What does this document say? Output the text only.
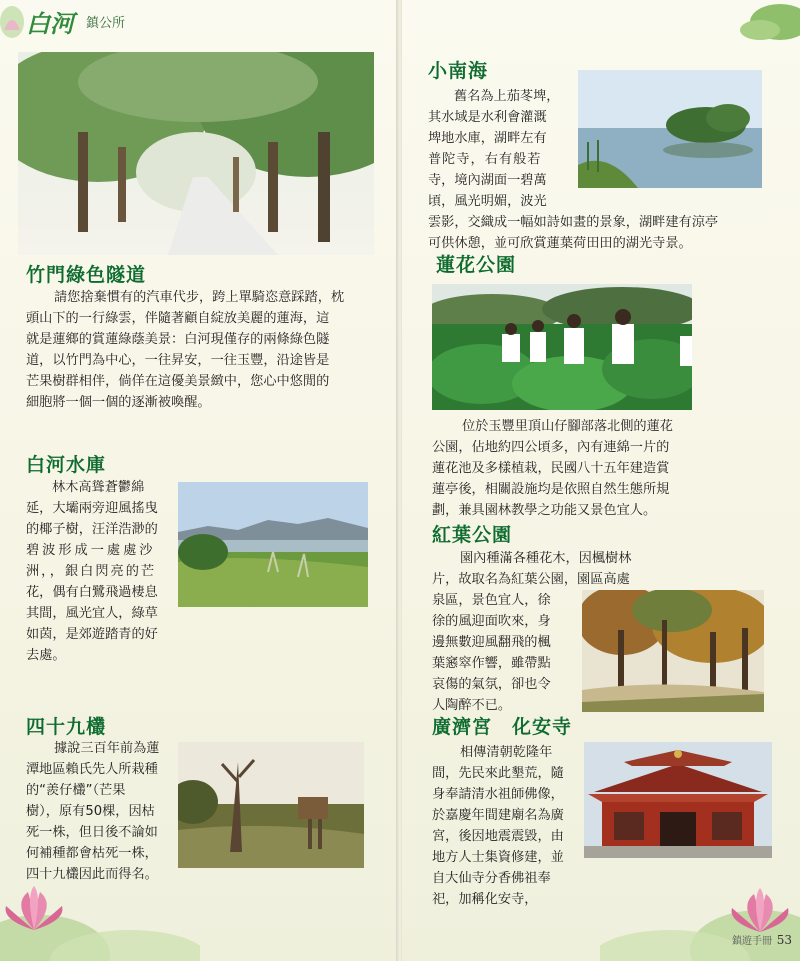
白河 鎮公所
竹門綠色隧道

請您捨棄慣有的汽車代步，跨上單騎恣意踩踏，枕

頭山下的一行綠雲，伴隨著顧自綻放美麗的蓮海，這

就是蓮鄉的賞蓮綠蔭美景：白河現僅存的兩條綠色隧

道，以竹門為中心，一往昇安，一往玉豐，沿途皆是

芒果樹群相伴，倘佯在這優美景緻中，您心中悠閒的

細胞將一個一個的逐漸被喚醒。

白河水庫

林木高聳蒼鬱綿

延，大壩兩旁迎風搖曳

的椰子樹，汪洋浩渺的

碧波形成一處處沙

洲，，銀白閃亮的芒

花，偶有白鷺飛過棲息

其間，風光宜人，綠草

如茵，是郊遊踏青的好

去處。

四十九欉

據說三百年前為蓮

潭地區賴氏先人所栽種

的“羨仔欉”（芒果

樹），原有50棵，因枯

死一株，但日後不論如

何補種都會枯死一株，

四十九欉因此而得名。

小南海

舊名為上茄苳埤，

其水域是水利會灌溉

埤地水庫，湖畔左有

普陀寺，右有般若

寺，境內湖面一碧萬

頃，風光明媚，波光

雲影，交織成一幅如詩如畫的景象，湖畔建有涼亭

可供休憩，並可欣賞蓮葉荷田田的湖光寺景。

蓮花公園

位於玉豐里頂山仔腳部落北側的蓮花

公園，佔地約四公頃多，內有連綿一片的

蓮花池及多樣植栽，民國八十五年建造賞

蓮亭後，相關設施均是依照自然生態所規

劃，兼具園林教學之功能又景色宜人。

紅葉公園

園內種滿各種花木，因楓樹林

片，故取名為紅葉公園，園區高處

泉區，景色宜人，徐

徐的風迎面吹來，身

邊無數迎風翻飛的楓

葉窸窣作響，雖帶點

哀傷的氣氛，卻也令

人陶醉不已。

廣濟宮　化安寺

相傳清朝乾隆年

間，先民來此墾荒，隨

身奉請清水祖師佛像，

於嘉慶年間建廟名為廣

宮，後因地震震毀，由

地方人士集資修建，並

自大仙寺分香佛祖奉

祀，加稱化安寺，

鎮遊手冊 53
